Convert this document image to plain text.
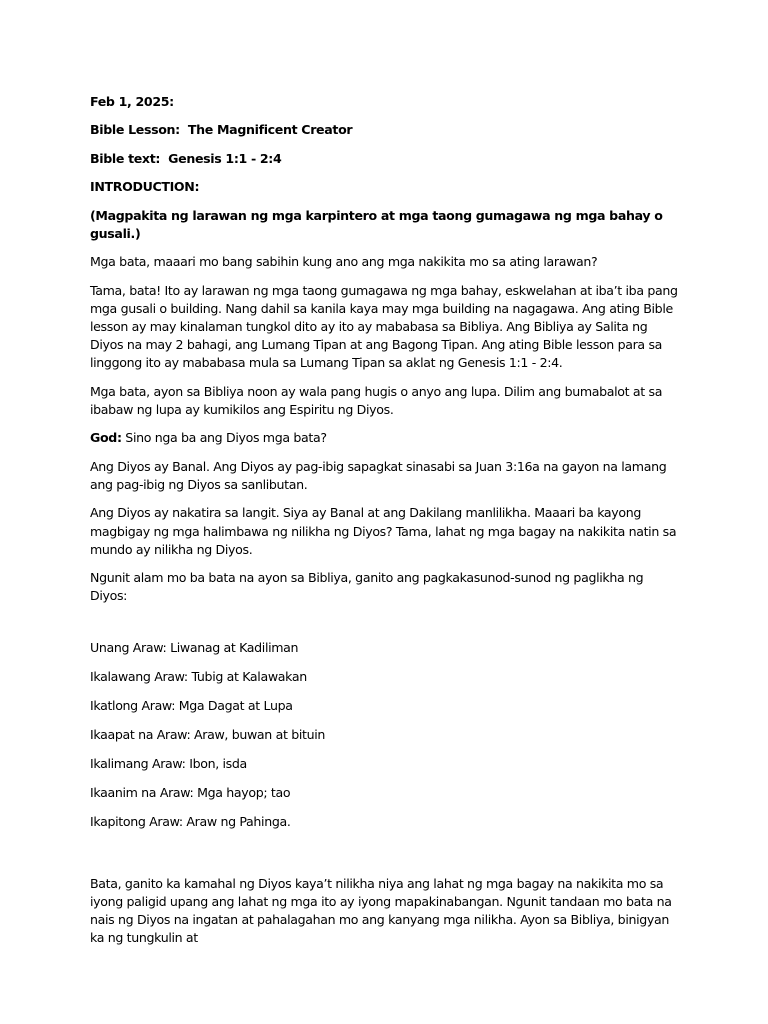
Feb 1, 2025:

Bible Lesson: The Magnificent Creator

Bible text: Genesis 1:1 - 2:4

INTRODUCTION:

(Magpakita ng larawan ng mga karpintero at mga taong gumagawa ng mga bahay o gusali.)

Mga bata, maaari mo bang sabihin kung ano ang mga nakikita mo sa ating larawan?

Tama, bata! Ito ay larawan ng mga taong gumagawa ng mga bahay, eskwelahan at iba’t iba pang mga gusali o building. Nang dahil sa kanila kaya may mga building na nagagawa. Ang ating Bible lesson ay may kinalaman tungkol dito ay ito ay mababasa sa Bibliya. Ang Bibliya ay Salita ng Diyos na may 2 bahagi, ang Lumang Tipan at ang Bagong Tipan. Ang ating Bible lesson para sa linggong ito ay mababasa mula sa Lumang Tipan sa aklat ng Genesis 1:1 - 2:4.

Mga bata, ayon sa Bibliya noon ay wala pang hugis o anyo ang lupa. Dilim ang bumabalot at sa ibabaw ng lupa ay kumikilos ang Espiritu ng Diyos.

God: Sino nga ba ang Diyos mga bata?

Ang Diyos ay Banal. Ang Diyos ay pag-ibig sapagkat sinasabi sa Juan 3:16a na gayon na lamang ang pag-ibig ng Diyos sa sanlibutan.

Ang Diyos ay nakatira sa langit. Siya ay Banal at ang Dakilang manlilikha. Maaari ba kayong magbigay ng mga halimbawa ng nilikha ng Diyos? Tama, lahat ng mga bagay na nakikita natin sa mundo ay nilikha ng Diyos.

Ngunit alam mo ba bata na ayon sa Bibliya, ganito ang pagkakasunod-sunod ng paglikha ng Diyos:

Unang Araw: Liwanag at Kadiliman

Ikalawang Araw: Tubig at Kalawakan

Ikatlong Araw: Mga Dagat at Lupa

Ikaapat na Araw: Araw, buwan at bituin

Ikalimang Araw: Ibon, isda

Ikaanim na Araw: Mga hayop; tao

Ikapitong Araw: Araw ng Pahinga.

Bata, ganito ka kamahal ng Diyos kaya’t nilikha niya ang lahat ng mga bagay na nakikita mo sa iyong paligid upang ang lahat ng mga ito ay iyong mapakinabangan. Ngunit tandaan mo bata na nais ng Diyos na ingatan at pahalagahan mo ang kanyang mga nilikha. Ayon sa Bibliya, binigyan ka ng tungkulin at
